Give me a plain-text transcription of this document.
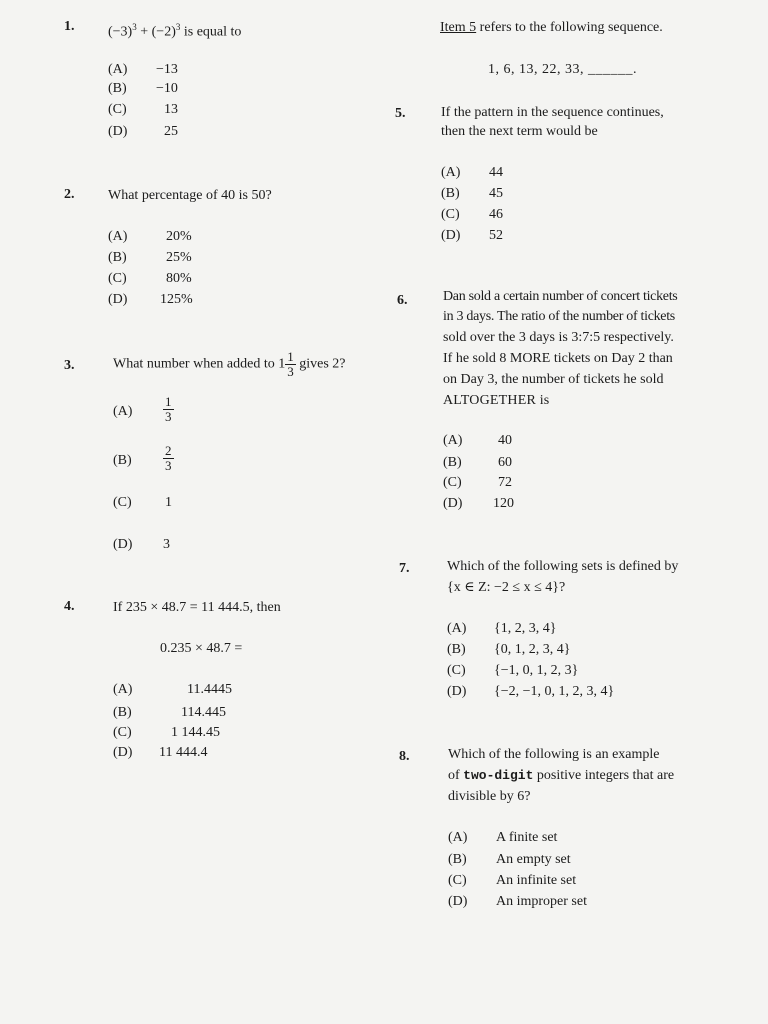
1. $(-3)^3 + (-2)^3$ is equal to
(A) −13
(B) −10
(C)	13
(D)	25
2. What percentage of 40 is 50?
(A)	20%
(B)	25%
(C)	80%
(D) 125%
3.	What number when added to $1 \frac{1}{3}$ gives 2?
$(A) \frac{1}{3}$
$(B) \frac{2}{3}$
(C) 1
(D) 3
4.	If 235 × 48.7 = 11 444.5, then
0.235 × 48.7 =
(A)	11.4445
(B)	114.445
(C)	1 144.45
(D) 11 444.4
Item 5 refers to the following sequence.
1, 6, 13, 22, 33, ______.
5.	If the pattern in the sequence continues,
then the next term would be
(A) 44
(B) 45
(C) 46
(D) 52
6.	Dan sold a certain number of concert tickets
in 3 days. The ratio of the number of tickets
sold over the 3 days is 3:7:5 respectively.
If he sold 8 MORE tickets on Day 2 than
on Day 3, the number of tickets he sold
ALTOGETHER is
(A)	40
(B)	60
(C)	72
(D) 120
7.	Which of the following sets is defined by
{x ∈ Z: −2 ≤ x ≤ 4}?
(A) {1, 2, 3, 4}
(B) {0, 1, 2, 3, 4}
(C) {−1, 0, 1, 2, 3}
(D) {−2, −1, 0, 1, 2, 3, 4}
8.	Which of the following is an example
of two-digit positive integers that are
divisible by 6?
(A) A finite set
(B) An empty set
(C) An infinite set
(D) An improper set
